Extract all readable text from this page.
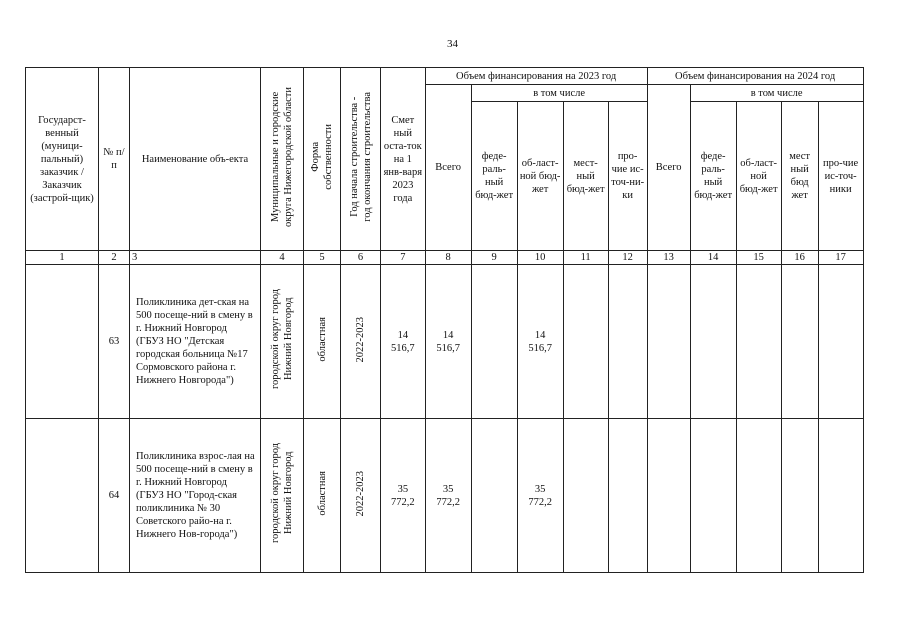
34
Государст-венный (муници-пальный) заказчик / Заказчик (застрой-щик)	№ п/п	Наименование объ-екта	Муниципальные и городские округа Нижегородской области	Форма собственности	Год начала строительства - год окончания строительства	Смет ный оста-ток на 1 янв-варя 2023 года	Объем финансирования на 2023 год					Объем финансирования на 2024 год				
							Всего	в том числе				Всего	в том числе			
								феде-раль-ный бюд-жет	об-ласт-ной бюд-жет	мест-ный бюд-жет	про-чие ис-точ-ни-ки		феде-раль-ный бюд-жет	об-ласт-ной бюд-жет	мест ный бюд жет	про-чие ис-точ-ники
1	2	3	4	5	6	7	8	9	10	11	12	13	14	15	16	17
	63	Поликлиника дет-ская на 500 посеще-ний в смену в г. Нижний Новгород (ГБУЗ НО "Детская городская больница №17 Сормовского района г. Нижнего Новгорода")	городской округ город Нижний Новгород	областная	2022-2023	14 516,7	14 516,7		14 516,7							
	64	Поликлиника взрос-лая на 500 посеще-ний в смену в г. Нижний Новгород (ГБУЗ НО "Город-ская поликлиника № 30 Советского райо-на г. Нижнего Нов-города")	городской округ город Нижний Новгород	областная	2022-2023	35 772,2	35 772,2		35 772,2							
